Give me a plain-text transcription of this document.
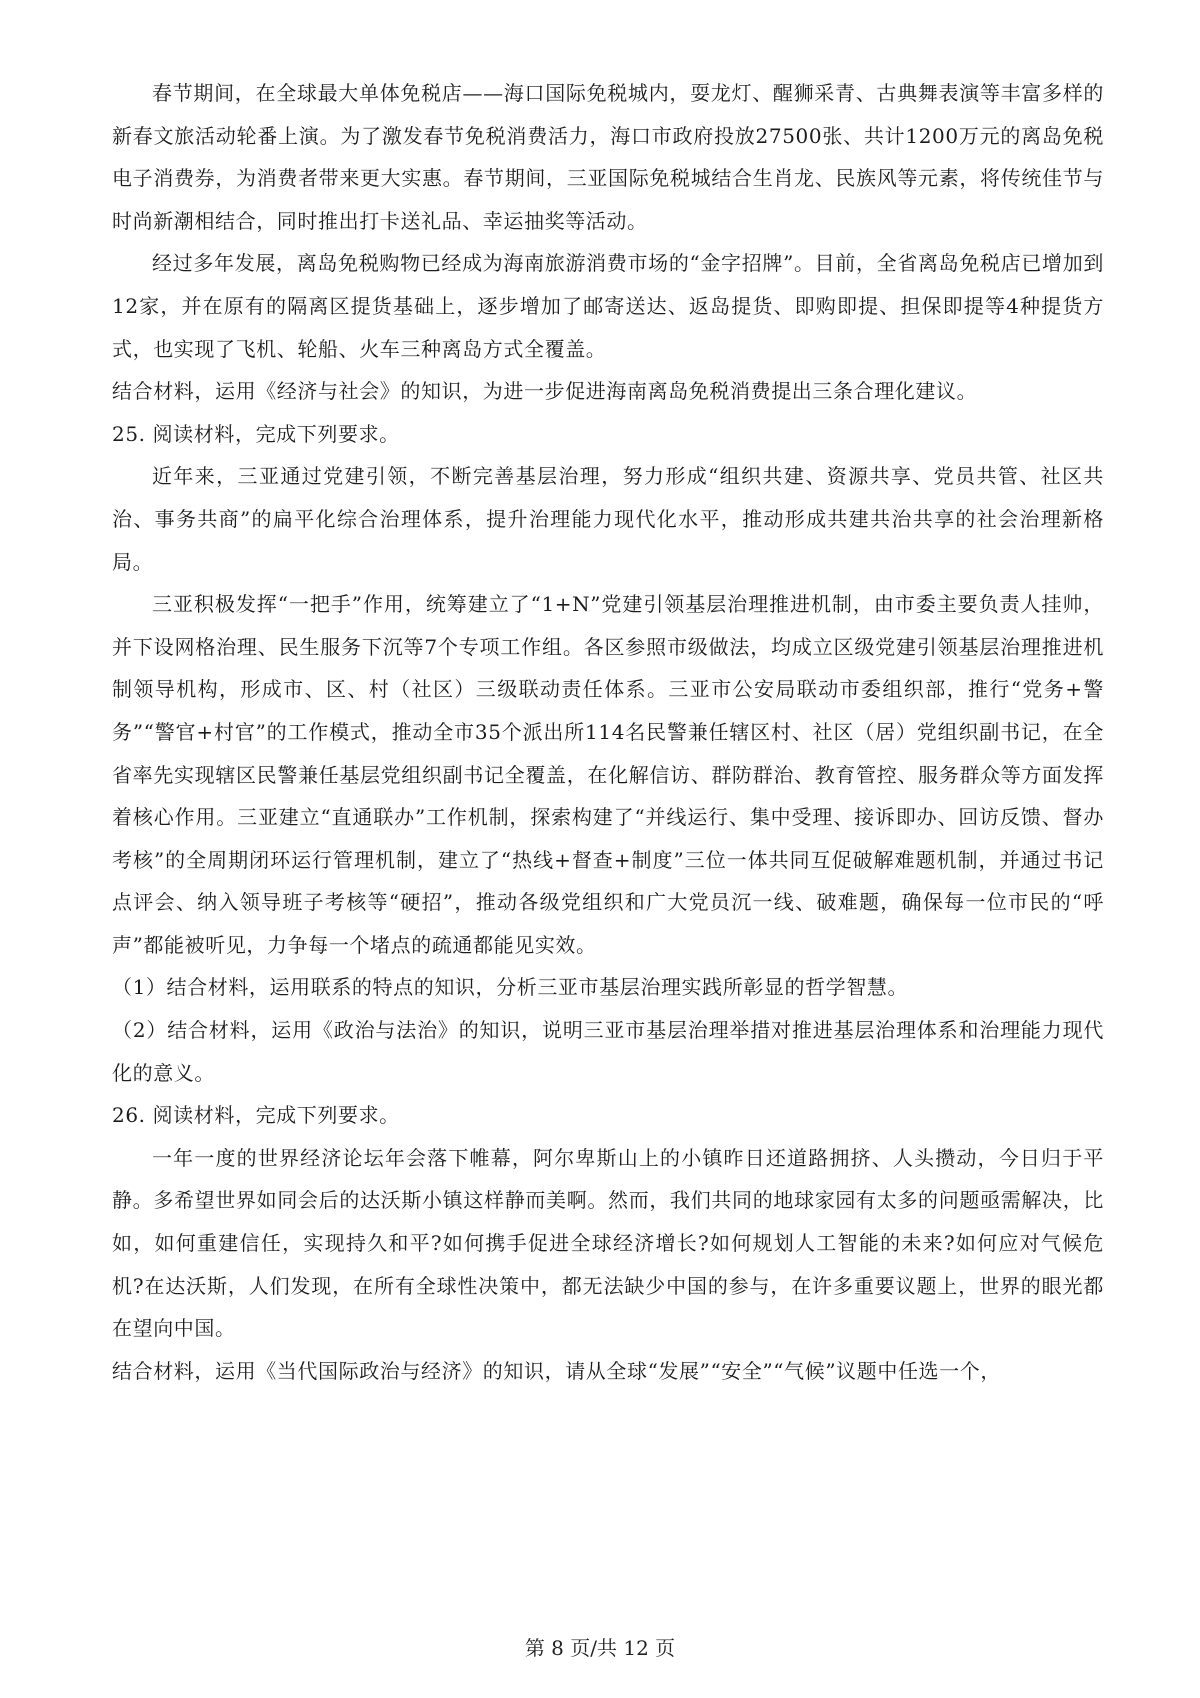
春节期间，在全球最大单体免税店——海口国际免税城内，耍龙灯、醒狮采青、古典舞表演等丰富多样的新春文旅活动轮番上演。为了激发春节免税消费活力，海口市政府投放27500张、共计1200万元的离岛免税电子消费券，为消费者带来更大实惠。春节期间，三亚国际免税城结合生肖龙、民族风等元素，将传统佳节与时尚新潮相结合，同时推出打卡送礼品、幸运抽奖等活动。

经过多年发展，离岛免税购物已经成为海南旅游消费市场的“金字招牌”。目前，全省离岛免税店已增加到12家，并在原有的隔离区提货基础上，逐步增加了邮寄送达、返岛提货、即购即提、担保即提等4种提货方式，也实现了飞机、轮船、火车三种离岛方式全覆盖。

结合材料，运用《经济与社会》的知识，为进一步促进海南离岛免税消费提出三条合理化建议。

25. 阅读材料，完成下列要求。

近年来，三亚通过党建引领，不断完善基层治理，努力形成“组织共建、资源共享、党员共管、社区共治、事务共商”的扁平化综合治理体系，提升治理能力现代化水平，推动形成共建共治共享的社会治理新格局。

三亚积极发挥“一把手”作用，统筹建立了“1+N”党建引领基层治理推进机制，由市委主要负责人挂帅，并下设网格治理、民生服务下沉等7个专项工作组。各区参照市级做法，均成立区级党建引领基层治理推进机制领导机构，形成市、区、村（社区）三级联动责任体系。三亚市公安局联动市委组织部，推行“党务+警务”“警官+村官”的工作模式，推动全市35个派出所114名民警兼任辖区村、社区（居）党组织副书记，在全省率先实现辖区民警兼任基层党组织副书记全覆盖，在化解信访、群防群治、教育管控、服务群众等方面发挥着核心作用。三亚建立“直通联办”工作机制，探索构建了“并线运行、集中受理、接诉即办、回访反馈、督办考核”的全周期闭环运行管理机制，建立了“热线+督查+制度”三位一体共同互促破解难题机制，并通过书记点评会、纳入领导班子考核等“硬招”，推动各级党组织和广大党员沉一线、破难题，确保每一位市民的“呼声”都能被听见，力争每一个堵点的疏通都能见实效。

（1）结合材料，运用联系的特点的知识，分析三亚市基层治理实践所彰显的哲学智慧。

（2）结合材料，运用《政治与法治》的知识，说明三亚市基层治理举措对推进基层治理体系和治理能力现代化的意义。

26. 阅读材料，完成下列要求。

一年一度的世界经济论坛年会落下帷幕，阿尔卑斯山上的小镇昨日还道路拥挤、人头攒动，今日归于平静。多希望世界如同会后的达沃斯小镇这样静而美啊。然而，我们共同的地球家园有太多的问题亟需解决，比如，如何重建信任，实现持久和平?如何携手促进全球经济增长?如何规划人工智能的未来?如何应对气候危机?在达沃斯，人们发现，在所有全球性决策中，都无法缺少中国的参与，在许多重要议题上，世界的眼光都在望向中国。

结合材料，运用《当代国际政治与经济》的知识，请从全球“发展”“安全”“气候”议题中任选一个，

第 8 页/共 12 页
